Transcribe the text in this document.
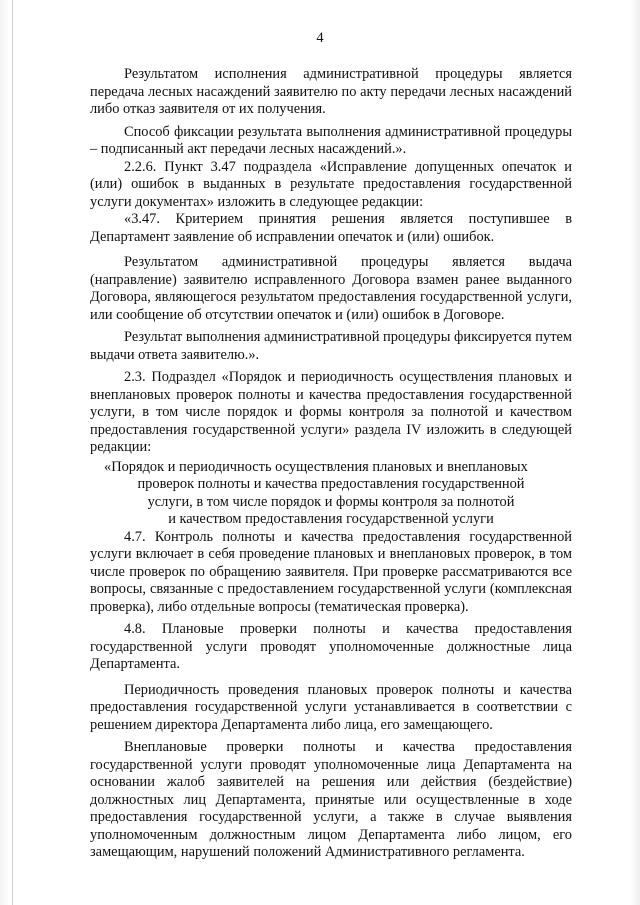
4

Результатом исполнения административной процедуры является передача лесных насаждений заявителю по акту передачи лесных насаждений либо отказ заявителя от их получения.

Способ фиксации результата выполнения административной процедуры – подписанный акт передачи лесных насаждений.».

2.2.6. Пункт 3.47 подраздела «Исправление допущенных опечаток и (или) ошибок в выданных в результате предоставления государственной услуги документах» изложить в следующее редакции:

«3.47. Критерием принятия решения является поступившее в Департамент заявление об исправлении опечаток и (или) ошибок.

Результатом административной процедуры является выдача (направление) заявителю исправленного Договора взамен ранее выданного Договора, являющегося результатом предоставления государственной услуги, или сообщение об отсутствии опечаток и (или) ошибок в Договоре.

Результат выполнения административной процедуры фиксируется путем выдачи ответа заявителю.».

2.3. Подраздел «Порядок и периодичность осуществления плановых и внеплановых проверок полноты и качества предоставления государственной услуги, в том числе порядок и формы контроля за полнотой и качеством предоставления государственной услуги» раздела IV изложить в следующей редакции:

«Порядок и периодичность осуществления плановых и внеплановых
проверок полноты и качества предоставления государственной
услуги, в том числе порядок и формы контроля за полнотой
и качеством предоставления государственной услуги

4.7. Контроль полноты и качества предоставления государственной услуги включает в себя проведение плановых и внеплановых проверок, в том числе проверок по обращению заявителя. При проверке рассматриваются все вопросы, связанные с предоставлением государственной услуги (комплексная проверка), либо отдельные вопросы (тематическая проверка).

4.8. Плановые проверки полноты и качества предоставления государственной услуги проводят уполномоченные должностные лица Департамента.

Периодичность проведения плановых проверок полноты и качества предоставления государственной услуги устанавливается в соответствии с решением директора Департамента либо лица, его замещающего.

Внеплановые проверки полноты и качества предоставления государственной услуги проводят уполномоченные лица Департамента на основании жалоб заявителей на решения или действия (бездействие) должностных лиц Департамента, принятые или осуществленные в ходе предоставления государственной услуги, а также в случае выявления уполномоченным должностным лицом Департамента либо лицом, его замещающим, нарушений положений Административного регламента.
